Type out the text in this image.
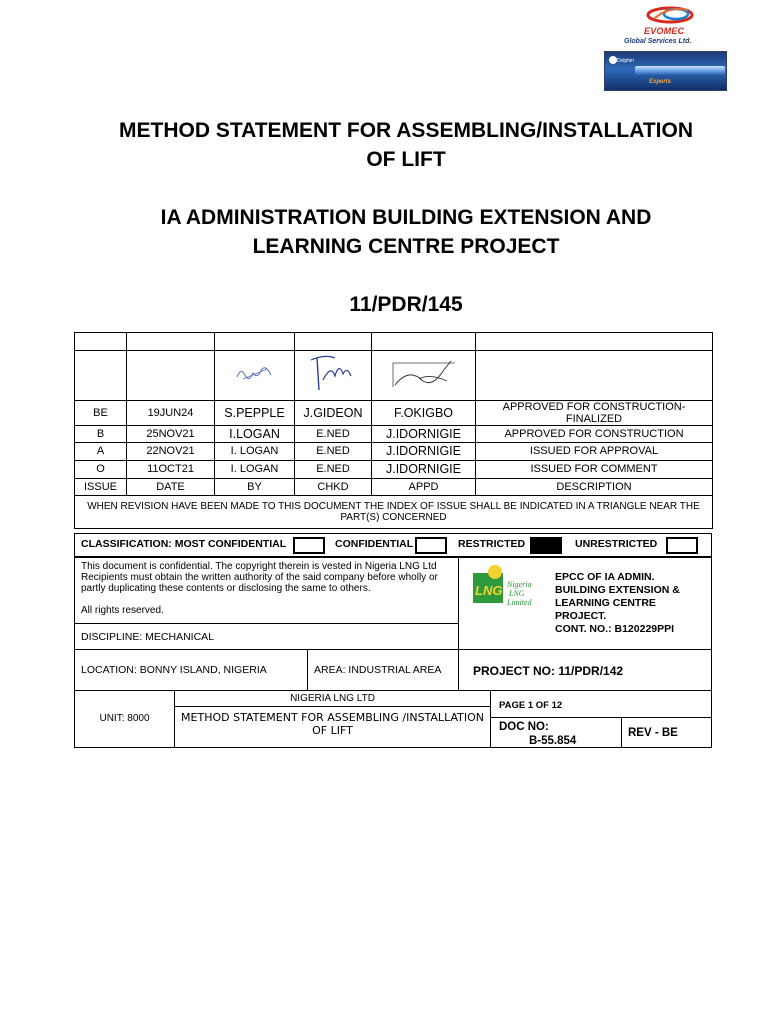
EVOMEC
Global Services Ltd.
Dolphin
Experts
METHOD STATEMENT FOR ASSEMBLING/INSTALLATION
OF LIFT
IA ADMINISTRATION BUILDING EXTENSION AND
LEARNING CENTRE PROJECT
11/PDR/145

BE	19JUN24	S.PEPPLE	J.GIDEON	F.OKIGBO	APPROVED FOR CONSTRUCTION-FINALIZED
B	25NOV21	I.LOGAN	E.NED	J.IDORNIGIE	APPROVED FOR CONSTRUCTION
A	22NOV21	I. LOGAN	E.NED	J.IDORNIGIE	ISSUED FOR APPROVAL
O	11OCT21	I. LOGAN	E.NED	J.IDORNIGIE	ISSUED FOR COMMENT
ISSUE	DATE	BY	CHKD	APPD	DESCRIPTION
WHEN REVISION HAVE BEEN MADE TO THIS DOCUMENT THE INDEX OF ISSUE SHALL BE INDICATED IN A TRIANGLE NEAR THE PART(S) CONCERNED					
CLASSIFICATION: MOST CONFIDENTIAL	CONFIDENTIAL	RESTRICTED	UNRESTRICTED
This document is confidential. The copyright therein is vested in Nigeria LNG Ltd Recipients must obtain the written authority of the said company before wholly or partly duplicating these contents or disclosing the same to others.
All rights reserved.
DISCIPLINE: MECHANICAL
LNG Nigeria
LNG
Limited
EPCC OF IA ADMIN.
BUILDING EXTENSION &
LEARNING CENTRE
PROJECT.
CONT. NO.: B120229PPI
LOCATION: BONNY ISLAND, NIGERIA	AREA: INDUSTRIAL AREA	PROJECT NO: 11/PDR/142
UNIT: 8000
NIGERIA LNG LTD
METHOD STATEMENT FOR ASSEMBLING /INSTALLATION
OF LIFT
PAGE 1 OF 12
DOC NO:
B-55.854
REV - BE
